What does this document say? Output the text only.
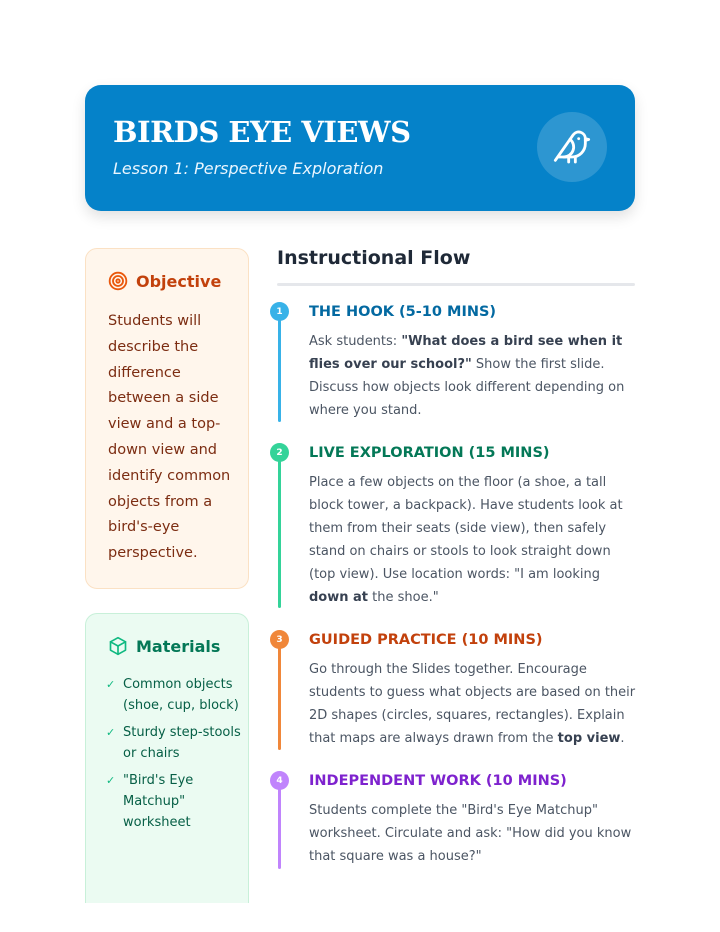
BIRDS EYE VIEWS
Lesson 1: Perspective Exploration
Objective
Students will describe the difference between a side view and a top-down view and identify common objects from a bird's-eye perspective.
Materials
✓ Common objects (shoe, cup, block)
✓ Sturdy step-stools or chairs
✓ "Bird's Eye Matchup" worksheet
Instructional Flow
1	THE HOOK (5-10 MINS)
Ask students: "What does a bird see when it flies over our school?" Show the first slide. Discuss how objects look different depending on where you stand.
2	LIVE EXPLORATION (15 MINS)
Place a few objects on the floor (a shoe, a tall block tower, a backpack). Have students look at them from their seats (side view), then safely stand on chairs or stools to look straight down (top view). Use location words: "I am looking down at the shoe."
3	GUIDED PRACTICE (10 MINS)
Go through the Slides together. Encourage students to guess what objects are based on their 2D shapes (circles, squares, rectangles). Explain that maps are always drawn from the top view.
4	INDEPENDENT WORK (10 MINS)
Students complete the "Bird's Eye Matchup" worksheet. Circulate and ask: "How did you know that square was a house?"
